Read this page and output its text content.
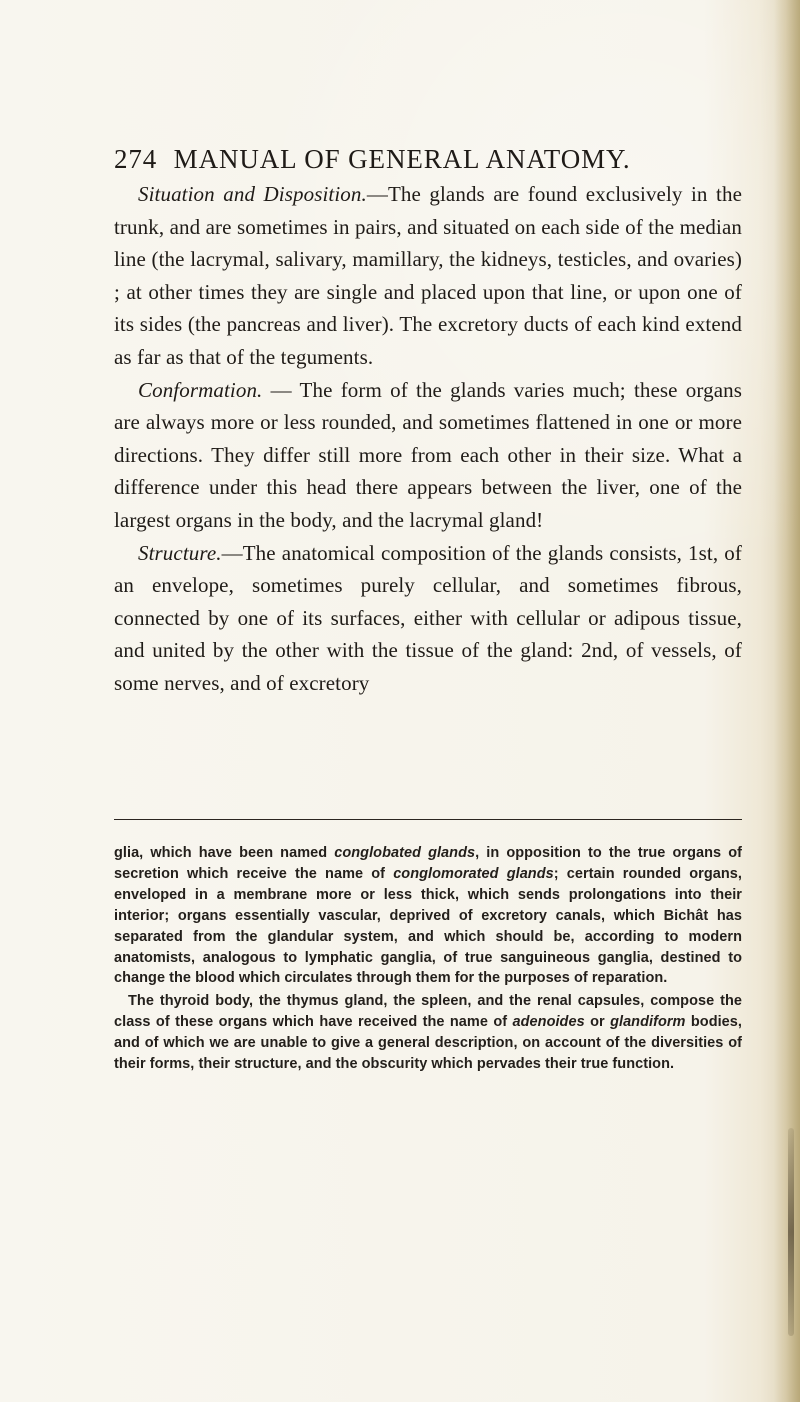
274 MANUAL OF GENERAL ANATOMY.

Situation and Disposition.—The glands are found exclusively in the trunk, and are sometimes in pairs, and situated on each side of the median line (the lacrymal, salivary, mamillary, the kidneys, testicles, and ovaries) ; at other times they are single and placed upon that line, or upon one of its sides (the pancreas and liver). The excretory ducts of each kind extend as far as that of the teguments.

Conformation. — The form of the glands varies much; these organs are always more or less rounded, and sometimes flattened in one or more directions. They differ still more from each other in their size. What a difference under this head there appears between the liver, one of the largest organs in the body, and the lacrymal gland!

Structure.—The anatomical composition of the glands consists, 1st, of an envelope, sometimes purely cellular, and sometimes fibrous, connected by one of its surfaces, either with cellular or adipous tissue, and united by the other with the tissue of the gland: 2nd, of vessels, of some nerves, and of excretory

glia, which have been named conglobated glands, in opposition to the true organs of secretion which receive the name of conglomorated glands; certain rounded organs, enveloped in a membrane more or less thick, which sends prolongations into their interior; organs essentially vascular, deprived of excretory canals, which Bichât has separated from the glandular system, and which should be, according to modern anatomists, analogous to lymphatic ganglia, of true sanguineous ganglia, destined to change the blood which circulates through them for the purposes of reparation.

The thyroid body, the thymus gland, the spleen, and the renal capsules, compose the class of these organs which have received the name of adenoides or glandiform bodies, and of which we are unable to give a general description, on account of the diversities of their forms, their structure, and the obscurity which pervades their true function.
